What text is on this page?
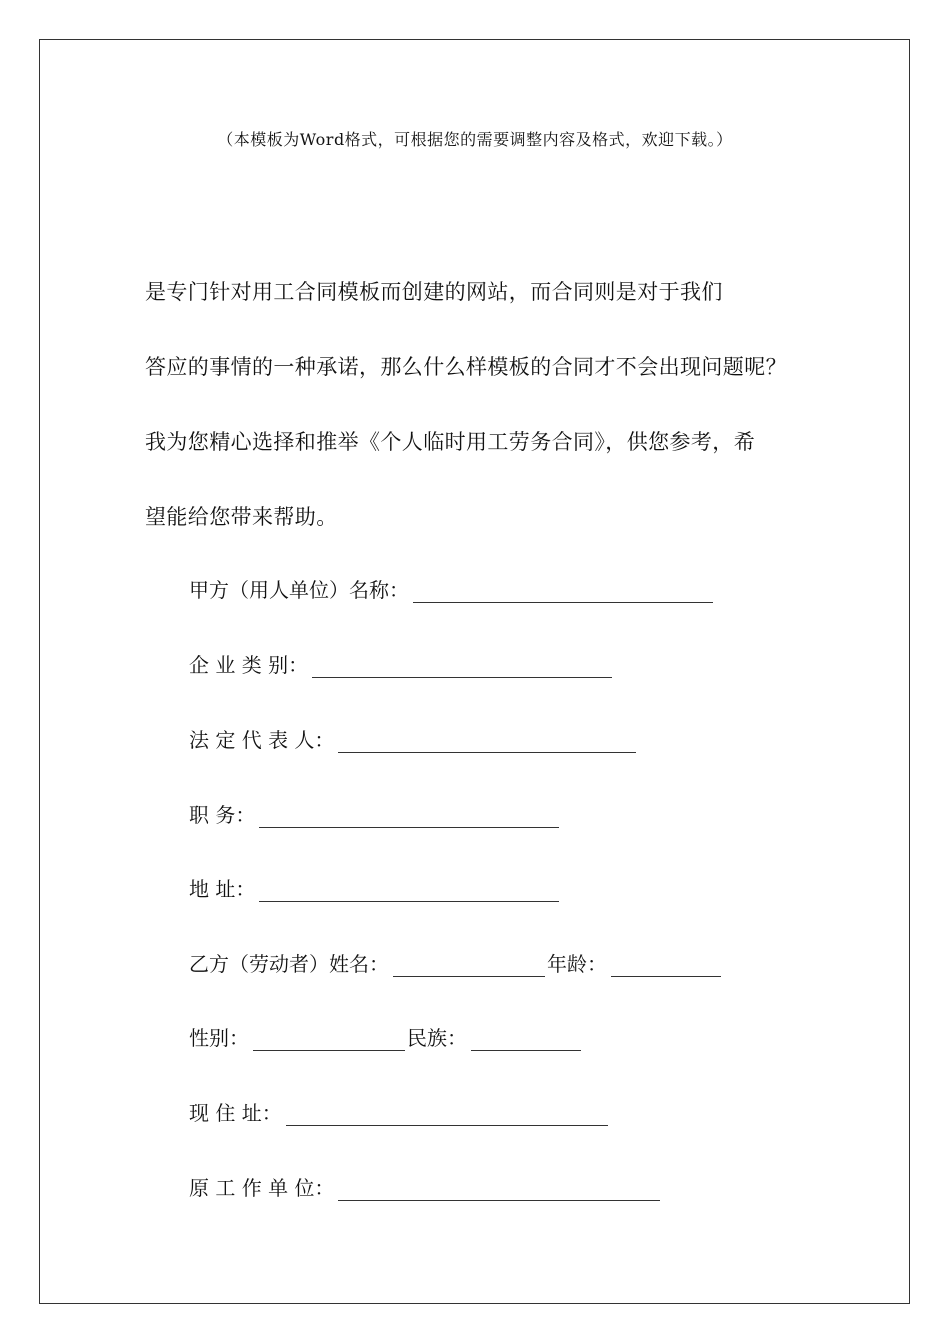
（本模板为Word格式，可根据您的需要调整内容及格式，欢迎下载。）
是专门针对用工合同模板而创建的网站，而合同则是对于我们
答应的事情的一种承诺，那么什么样模板的合同才不会出现问题呢？
我为您精心选择和推举《个人临时用工劳务合同》，供您参考，希
望能给您带来帮助。
甲方（用人单位）名称：
企 业 类 别：
法 定 代 表 人：
职 务：
地 址：
乙方（劳动者）姓名：	年龄：
性别：	民族：
现 住 址：
原 工 作 单 位：
